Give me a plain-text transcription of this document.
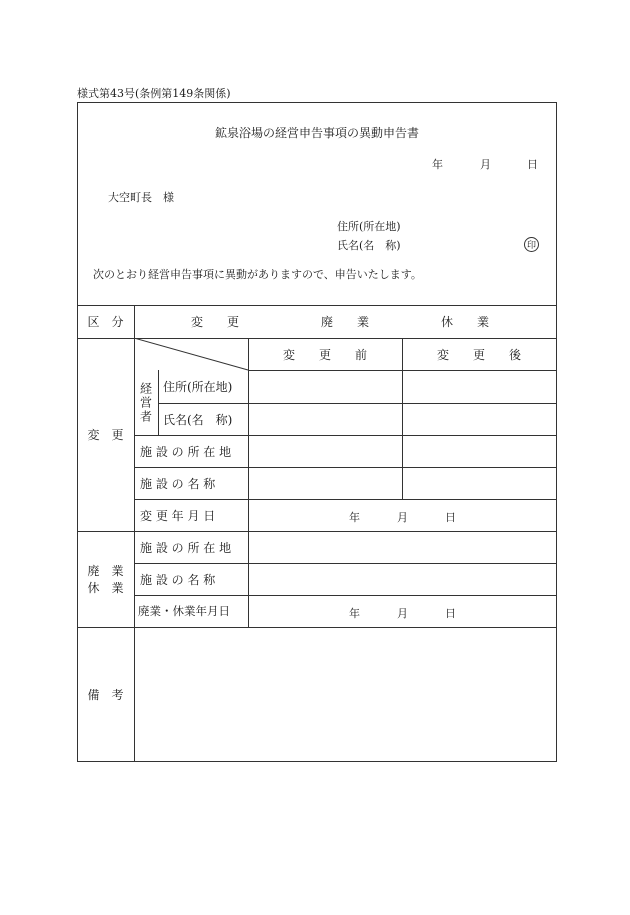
様式第43号(条例第149条関係)
鉱泉浴場の経営申告事項の異動申告書
年	月	日
大空町長　様
住所(所在地)
氏名(名　称)	印
次のとおり経営申告事項に異動がありますので、申告いたします。
区　分	変　　更	廃　　業	休　　業
変　　更　　前	変　　更　　後
変　更
経営者 住所(所在地)
氏名(名　称)
施 設 の 所 在 地
施 設 の 名 称
変 更 年 月 日	年	月	日
廃　業
休　業
施 設 の 所 在 地
施 設 の 名 称
廃業・休業年月日	年	月	日
備　考
